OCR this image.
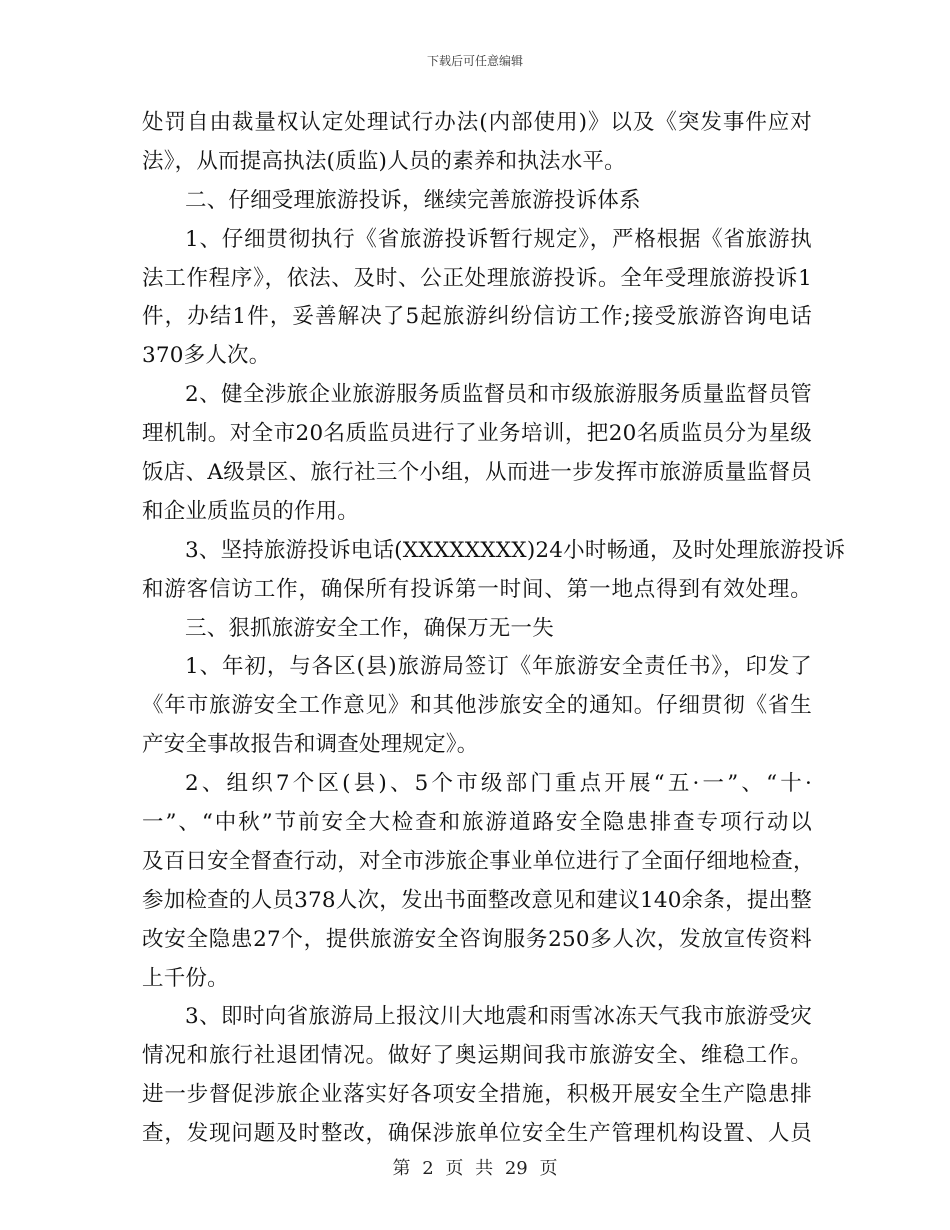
下载后可任意编辑
处罚自由裁量权认定处理试行办法(内部使用)》以及《突发事件应对
法》，从而提高执法(质监)人员的素养和执法水平。
二、仔细受理旅游投诉，继续完善旅游投诉体系
1、仔细贯彻执行《省旅游投诉暂行规定》，严格根据《省旅游执
法工作程序》，依法、及时、公正处理旅游投诉。全年受理旅游投诉1
件，办结1件，妥善解决了5起旅游纠纷信访工作;接受旅游咨询电话
370多人次。
2、健全涉旅企业旅游服务质监督员和市级旅游服务质量监督员管
理机制。对全市20名质监员进行了业务培训，把20名质监员分为星级
饭店、A级景区、旅行社三个小组，从而进一步发挥市旅游质量监督员
和企业质监员的作用。
3、坚持旅游投诉电话(XXXXXXXX)24小时畅通，及时处理旅游投诉
和游客信访工作，确保所有投诉第一时间、第一地点得到有效处理。
三、狠抓旅游安全工作，确保万无一失
1、年初，与各区(县)旅游局签订《年旅游安全责任书》，印发了
《年市旅游安全工作意见》和其他涉旅安全的通知。仔细贯彻《省生
产安全事故报告和调查处理规定》。
2、组织7个区(县)、5个市级部门重点开展“五·一”、“十·
一”、“中秋”节前安全大检查和旅游道路安全隐患排查专项行动以
及百日安全督查行动，对全市涉旅企事业单位进行了全面仔细地检查，
参加检查的人员378人次，发出书面整改意见和建议140余条，提出整
改安全隐患27个，提供旅游安全咨询服务250多人次，发放宣传资料
上千份。
3、即时向省旅游局上报汶川大地震和雨雪冰冻天气我市旅游受灾
情况和旅行社退团情况。做好了奥运期间我市旅游安全、维稳工作。
进一步督促涉旅企业落实好各项安全措施，积极开展安全生产隐患排
查，发现问题及时整改，确保涉旅单位安全生产管理机构设置、人员
第 2 页 共 29 页
